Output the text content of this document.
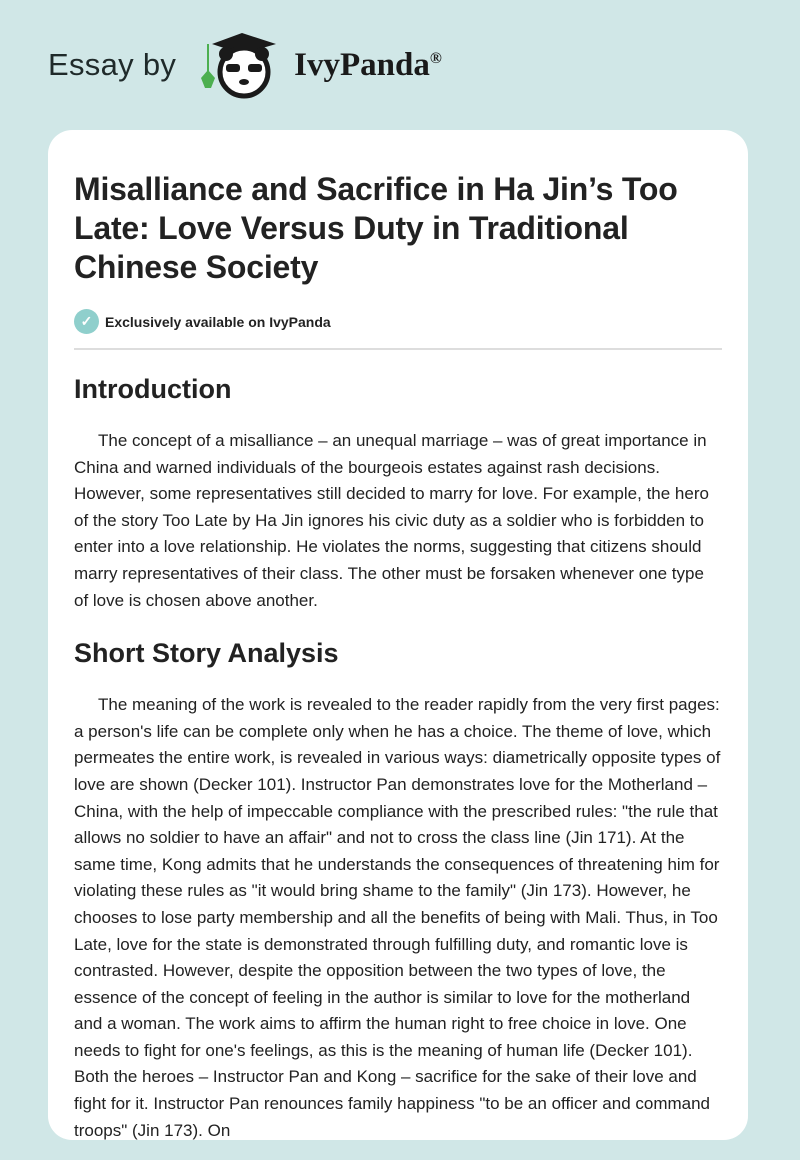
Essay by	IvyPanda®
Misalliance and Sacrifice in Ha Jin’s Too Late: Love Versus Duty in Traditional Chinese Society
✓ Exclusively available on IvyPanda
Introduction

The concept of a misalliance – an unequal marriage – was of great importance in China and warned individuals of the bourgeois estates against rash decisions. However, some representatives still decided to marry for love. For example, the hero of the story Too Late by Ha Jin ignores his civic duty as a soldier who is forbidden to enter into a love relationship. He violates the norms, suggesting that citizens should marry representatives of their class. The other must be forsaken whenever one type of love is chosen above another.

Short Story Analysis

The meaning of the work is revealed to the reader rapidly from the very first pages: a person's life can be complete only when he has a choice. The theme of love, which permeates the entire work, is revealed in various ways: diametrically opposite types of love are shown (Decker 101). Instructor Pan demonstrates love for the Motherland – China, with the help of impeccable compliance with the prescribed rules: "the rule that allows no soldier to have an affair" and not to cross the class line (Jin 171). At the same time, Kong admits that he understands the consequences of threatening him for violating these rules as "it would bring shame to the family" (Jin 173). However, he chooses to lose party membership and all the benefits of being with Mali. Thus, in Too Late, love for the state is demonstrated through fulfilling duty, and romantic love is contrasted. However, despite the opposition between the two types of love, the essence of the concept of feeling in the author is similar to love for the motherland and a woman. The work aims to affirm the human right to free choice in love. One needs to fight for one's feelings, as this is the meaning of human life (Decker 101). Both the heroes – Instructor Pan and Kong – sacrifice for the sake of their love and fight for it. Instructor Pan renounces family happiness "to be an officer and command troops" (Jin 173). On
